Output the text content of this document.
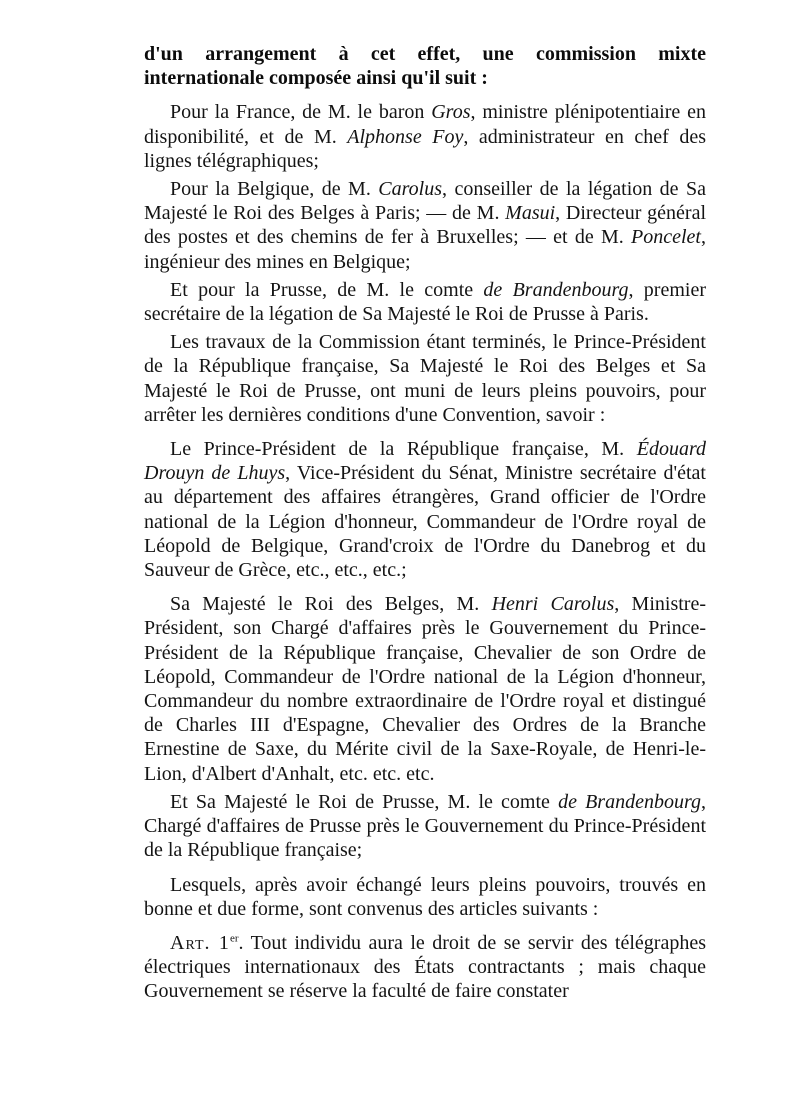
d'un arrangement à cet effet, une commission mixte internationale composée ainsi qu'il suit :

Pour la France, de M. le baron Gros, ministre plénipotentiaire en disponibilité, et de M. Alphonse Foy, administrateur en chef des lignes télégraphiques;

Pour la Belgique, de M. Carolus, conseiller de la légation de Sa Majesté le Roi des Belges à Paris; — de M. Masui, Directeur général des postes et des chemins de fer à Bruxelles; — et de M. Poncelet, ingénieur des mines en Belgique;

Et pour la Prusse, de M. le comte de Brandenbourg, premier secrétaire de la légation de Sa Majesté le Roi de Prusse à Paris.

Les travaux de la Commission étant terminés, le Prince-Président de la République française, Sa Majesté le Roi des Belges et Sa Majesté le Roi de Prusse, ont muni de leurs pleins pouvoirs, pour arrêter les dernières conditions d'une Convention, savoir :

Le Prince-Président de la République française, M. Édouard Drouyn de Lhuys, Vice-Président du Sénat, Ministre secrétaire d'état au département des affaires étrangères, Grand officier de l'Ordre national de la Légion d'honneur, Commandeur de l'Ordre royal de Léopold de Belgique, Grand'croix de l'Ordre du Danebrog et du Sauveur de Grèce, etc., etc., etc.;

Sa Majesté le Roi des Belges, M. Henri Carolus, Ministre-Président, son Chargé d'affaires près le Gouvernement du Prince-Président de la République française, Chevalier de son Ordre de Léopold, Commandeur de l'Ordre national de la Légion d'honneur, Commandeur du nombre extraordinaire de l'Ordre royal et distingué de Charles III d'Espagne, Chevalier des Ordres de la Branche Ernestine de Saxe, du Mérite civil de la Saxe-Royale, de Henri-le-Lion, d'Albert d'Anhalt, etc. etc. etc.

Et Sa Majesté le Roi de Prusse, M. le comte de Brandenbourg, Chargé d'affaires de Prusse près le Gouvernement du Prince-Président de la République française;

Lesquels, après avoir échangé leurs pleins pouvoirs, trouvés en bonne et due forme, sont convenus des articles suivants :

Art. 1er. Tout individu aura le droit de se servir des télégraphes électriques internationaux des États contractants ; mais chaque Gouvernement se réserve la faculté de faire constater
